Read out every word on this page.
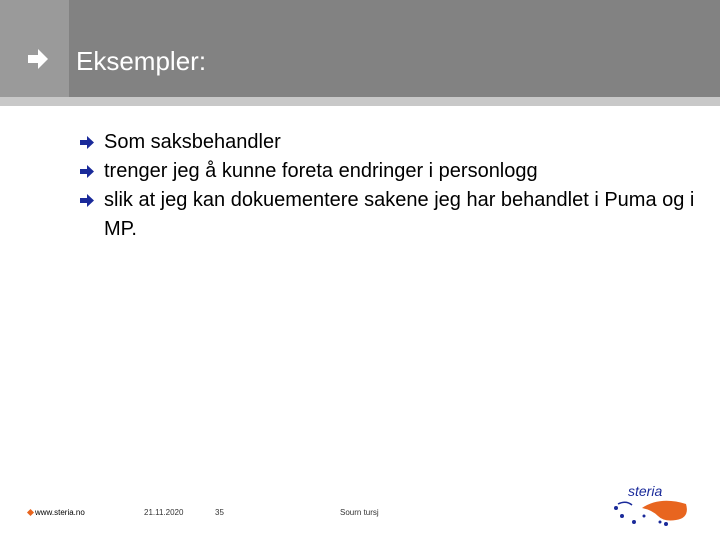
Eksempler:
Som saksbehandler
trenger jeg å kunne foreta endringer i personlogg
slik at jeg kan dokuementere sakene jeg har behandlet i Puma og i MP.
www.steria.no	21.11.2020	35	Sourn tursj
steria
